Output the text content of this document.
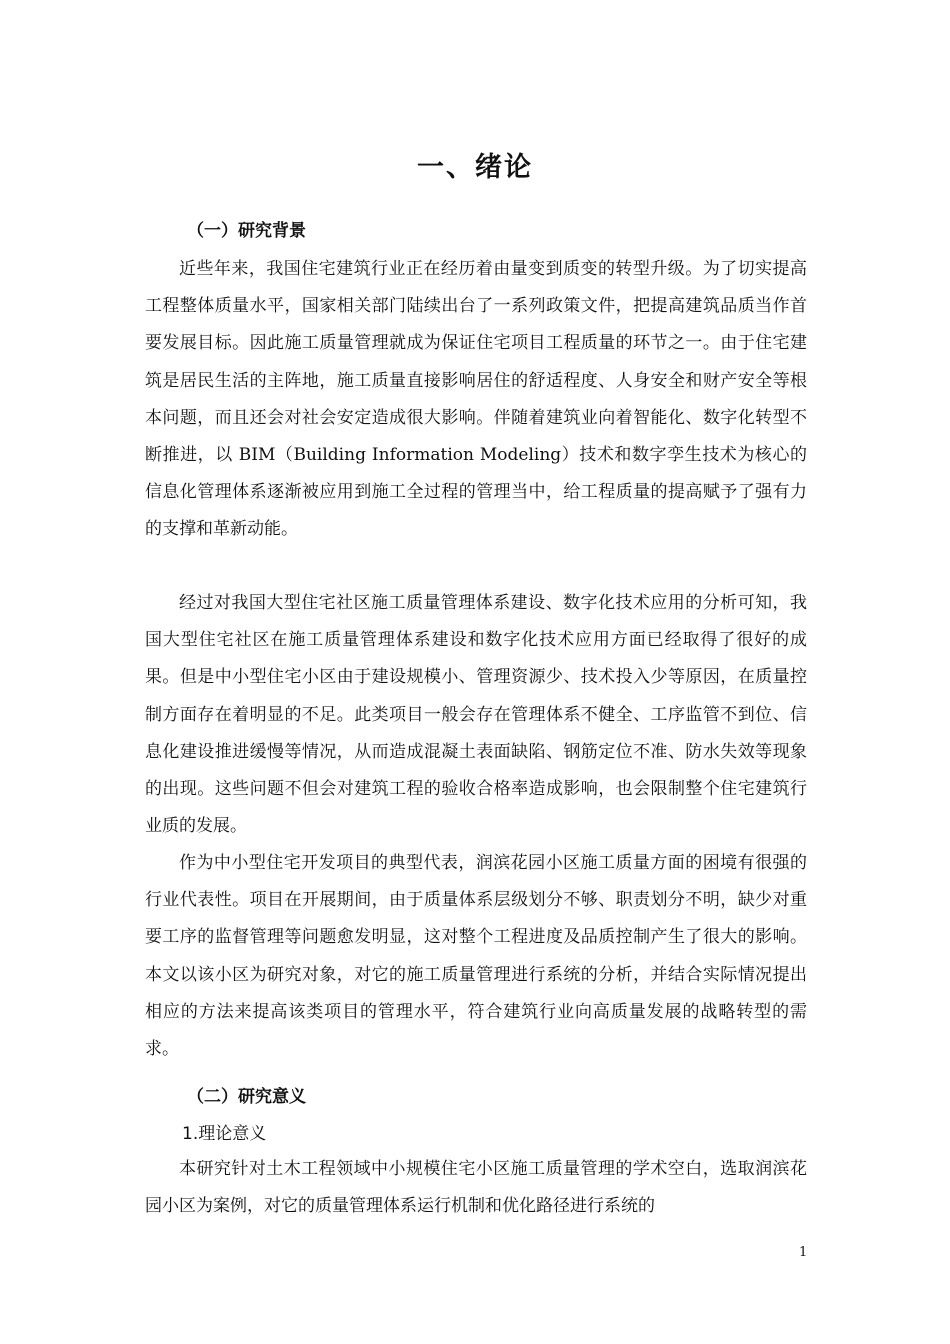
一、绪论
（一）研究背景

近些年来，我国住宅建筑行业正在经历着由量变到质变的转型升级。为了切实提高工程整体质量水平，国家相关部门陆续出台了一系列政策文件，把提高建筑品质当作首要发展目标。因此施工质量管理就成为保证住宅项目工程质量的环节之一。由于住宅建筑是居民生活的主阵地，施工质量直接影响居住的舒适程度、人身安全和财产安全等根本问题，而且还会对社会安定造成很大影响。伴随着建筑业向着智能化、数字化转型不断推进，以 BIM（Building Information Modeling）技术和数字孪生技术为核心的信息化管理体系逐渐被应用到施工全过程的管理当中，给工程质量的提高赋予了强有力的支撑和革新动能。

经过对我国大型住宅社区施工质量管理体系建设、数字化技术应用的分析可知，我国大型住宅社区在施工质量管理体系建设和数字化技术应用方面已经取得了很好的成果。但是中小型住宅小区由于建设规模小、管理资源少、技术投入少等原因，在质量控制方面存在着明显的不足。此类项目一般会存在管理体系不健全、工序监管不到位、信息化建设推进缓慢等情况，从而造成混凝土表面缺陷、钢筋定位不准、防水失效等现象的出现。这些问题不但会对建筑工程的验收合格率造成影响，也会限制整个住宅建筑行业质的发展。

作为中小型住宅开发项目的典型代表，润滨花园小区施工质量方面的困境有很强的行业代表性。项目在开展期间，由于质量体系层级划分不够、职责划分不明，缺少对重要工序的监督管理等问题愈发明显，这对整个工程进度及品质控制产生了很大的影响。本文以该小区为研究对象，对它的施工质量管理进行系统的分析，并结合实际情况提出相应的方法来提高该类项目的管理水平，符合建筑行业向高质量发展的战略转型的需求。

（二）研究意义
1.理论意义

本研究针对土木工程领域中小规模住宅小区施工质量管理的学术空白，选取润滨花园小区为案例，对它的质量管理体系运行机制和优化路径进行系统的

1
